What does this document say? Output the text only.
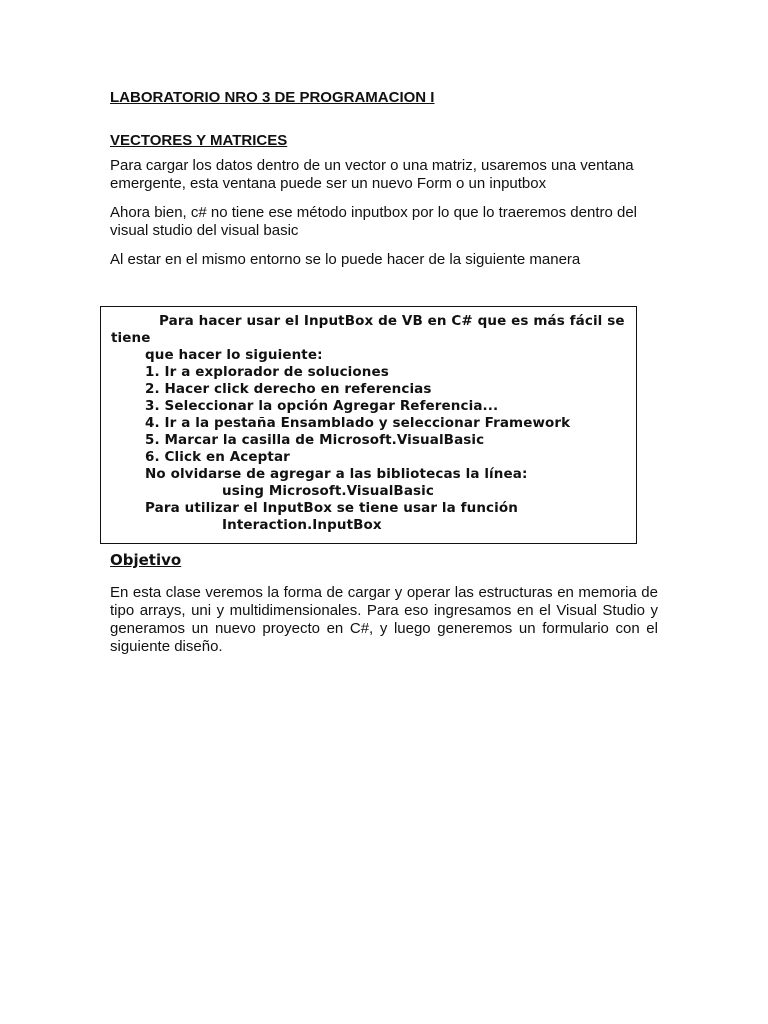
LABORATORIO NRO 3 DE PROGRAMACION I

VECTORES Y MATRICES

Para cargar los datos dentro de un vector o una matriz, usaremos una ventana emergente, esta ventana puede ser un nuevo Form o un inputbox

Ahora bien, c# no tiene ese método inputbox por lo que lo traeremos dentro del visual studio del visual basic

Al estar en el mismo entorno se lo puede hacer de la siguiente manera

Para hacer usar el InputBox de VB en C# que es más fácil se tiene

que hacer lo siguiente:

1. Ir a explorador de soluciones
2. Hacer click derecho en referencias
3. Seleccionar la opción Agregar Referencia...
4. Ir a la pestaña Ensamblado y seleccionar Framework
5. Marcar la casilla de Microsoft.VisualBasic
6. Click en Aceptar

No olvidarse de agregar a las bibliotecas la línea:

using Microsoft.VisualBasic

Para utilizar el InputBox se tiene usar la función

Interaction.InputBox

Objetivo

En esta clase veremos la forma de cargar y operar las estructuras en memoria de tipo arrays, uni y multidimensionales. Para eso ingresamos en el Visual Studio y generamos un nuevo proyecto en C#, y luego generemos un formulario con el siguiente diseño.
